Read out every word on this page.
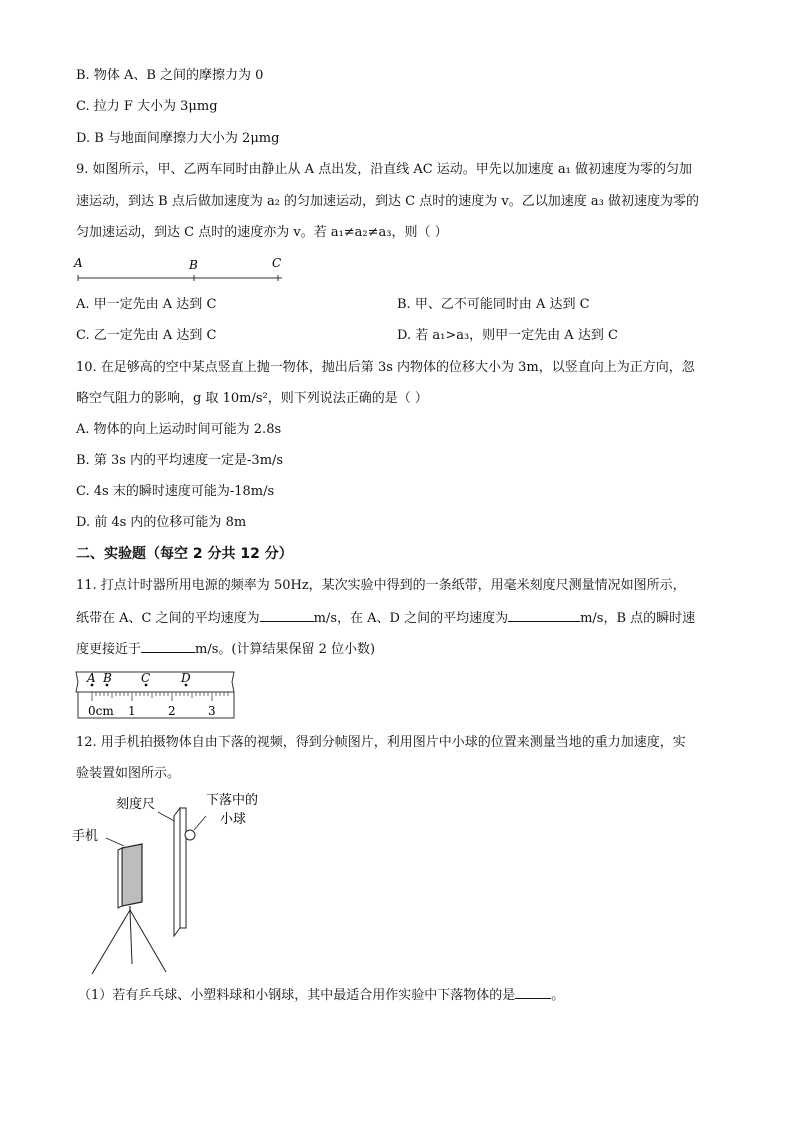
B. 物体 A、B 之间的摩擦力为 0
C. 拉力 F 大小为 3μmg
D. B 与地面间摩擦力大小为 2μmg
9. 如图所示，甲、乙两车同时由静止从 A 点出发，沿直线 AC 运动。甲先以加速度 a₁ 做初速度为零的匀加
速运动，到达 B 点后做加速度为 a₂ 的匀加速运动，到达 C 点时的速度为 v。乙以加速度 a₃ 做初速度为零的
匀加速运动，到达 C 点时的速度亦为 v。若 a₁≠a₂≠a₃，则（ ）
A	B	C
A. 甲一定先由 A 达到 C	B. 甲、乙不可能同时由 A 达到 C
C. 乙一定先由 A 达到 C	D. 若 a₁>a₃，则甲一定先由 A 达到 C
10. 在足够高的空中某点竖直上抛一物体，抛出后第 3s 内物体的位移大小为 3m，以竖直向上为正方向，忽
略空气阻力的影响，g 取 10m/s²，则下列说法正确的是（ ）
A. 物体的向上运动时间可能为 2.8s
B. 第 3s 内的平均速度一定是-3m/s
C. 4s 末的瞬时速度可能为-18m/s
D. 前 4s 内的位移可能为 8m
二、实验题（每空 2 分共 12 分）
11. 打点计时器所用电源的频率为 50Hz，某次实验中得到的一条纸带，用毫米刻度尺测量情况如图所示，
纸带在 A、C 之间的平均速度为	m/s，在 A、D 之间的平均速度为	m/s，B 点的瞬时速
度更接近于	m/s。(计算结果保留 2 位小数)
A B C	D
0cm 1	2	3
12. 用手机拍摄物体自由下落的视频，得到分帧图片，利用图片中小球的位置来测量当地的重力加速度，实
验装置如图所示。
刻度尺	下落中的
小球
手机
（1）若有乒乓球、小塑料球和小钢球，其中最适合用作实验中下落物体的是	。
